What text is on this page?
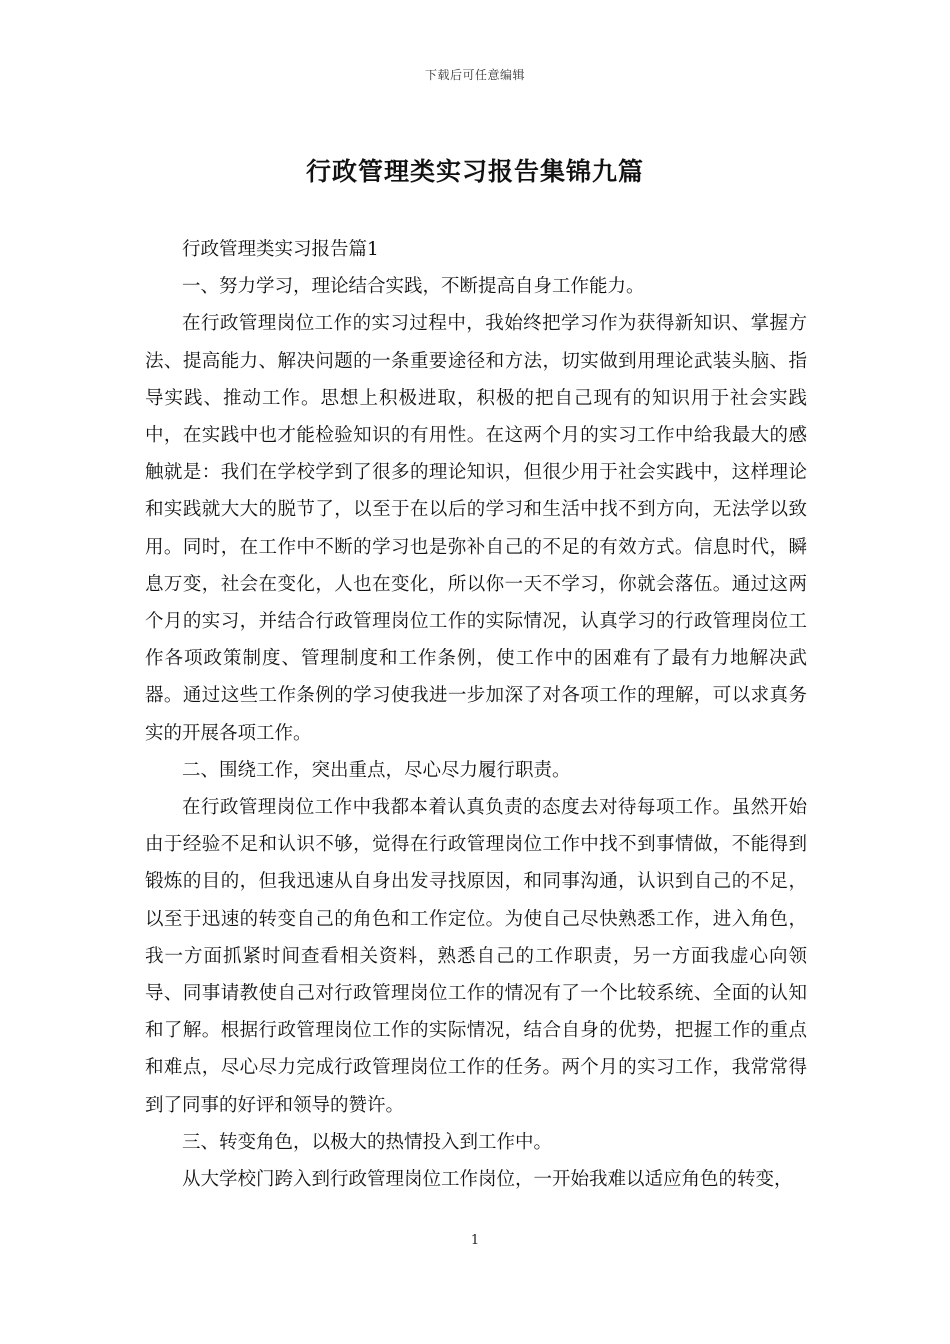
下载后可任意编辑
行政管理类实习报告集锦九篇

行政管理类实习报告篇1

一、努力学习，理论结合实践，不断提高自身工作能力。

在行政管理岗位工作的实习过程中，我始终把学习作为获得新知识、掌握方法、提高能力、解决问题的一条重要途径和方法，切实做到用理论武装头脑、指导实践、推动工作。思想上积极进取，积极的把自己现有的知识用于社会实践中，在实践中也才能检验知识的有用性。在这两个月的实习工作中给我最大的感触就是：我们在学校学到了很多的理论知识，但很少用于社会实践中，这样理论和实践就大大的脱节了，以至于在以后的学习和生活中找不到方向，无法学以致用。同时，在工作中不断的学习也是弥补自己的不足的有效方式。信息时代，瞬息万变，社会在变化，人也在变化，所以你一天不学习，你就会落伍。通过这两个月的实习，并结合行政管理岗位工作的实际情况，认真学习的行政管理岗位工作各项政策制度、管理制度和工作条例，使工作中的困难有了最有力地解决武器。通过这些工作条例的学习使我进一步加深了对各项工作的理解，可以求真务实的开展各项工作。

二、围绕工作，突出重点，尽心尽力履行职责。

在行政管理岗位工作中我都本着认真负责的态度去对待每项工作。虽然开始由于经验不足和认识不够，觉得在行政管理岗位工作中找不到事情做，不能得到锻炼的目的，但我迅速从自身出发寻找原因，和同事沟通，认识到自己的不足，以至于迅速的转变自己的角色和工作定位。为使自己尽快熟悉工作，进入角色，我一方面抓紧时间查看相关资料，熟悉自己的工作职责，另一方面我虚心向领导、同事请教使自己对行政管理岗位工作的情况有了一个比较系统、全面的认知和了解。根据行政管理岗位工作的实际情况，结合自身的优势，把握工作的重点和难点，尽心尽力完成行政管理岗位工作的任务。两个月的实习工作，我常常得到了同事的好评和领导的赞许。

三、转变角色，以极大的热情投入到工作中。

从大学校门跨入到行政管理岗位工作岗位，一开始我难以适应角色的转变，

1
